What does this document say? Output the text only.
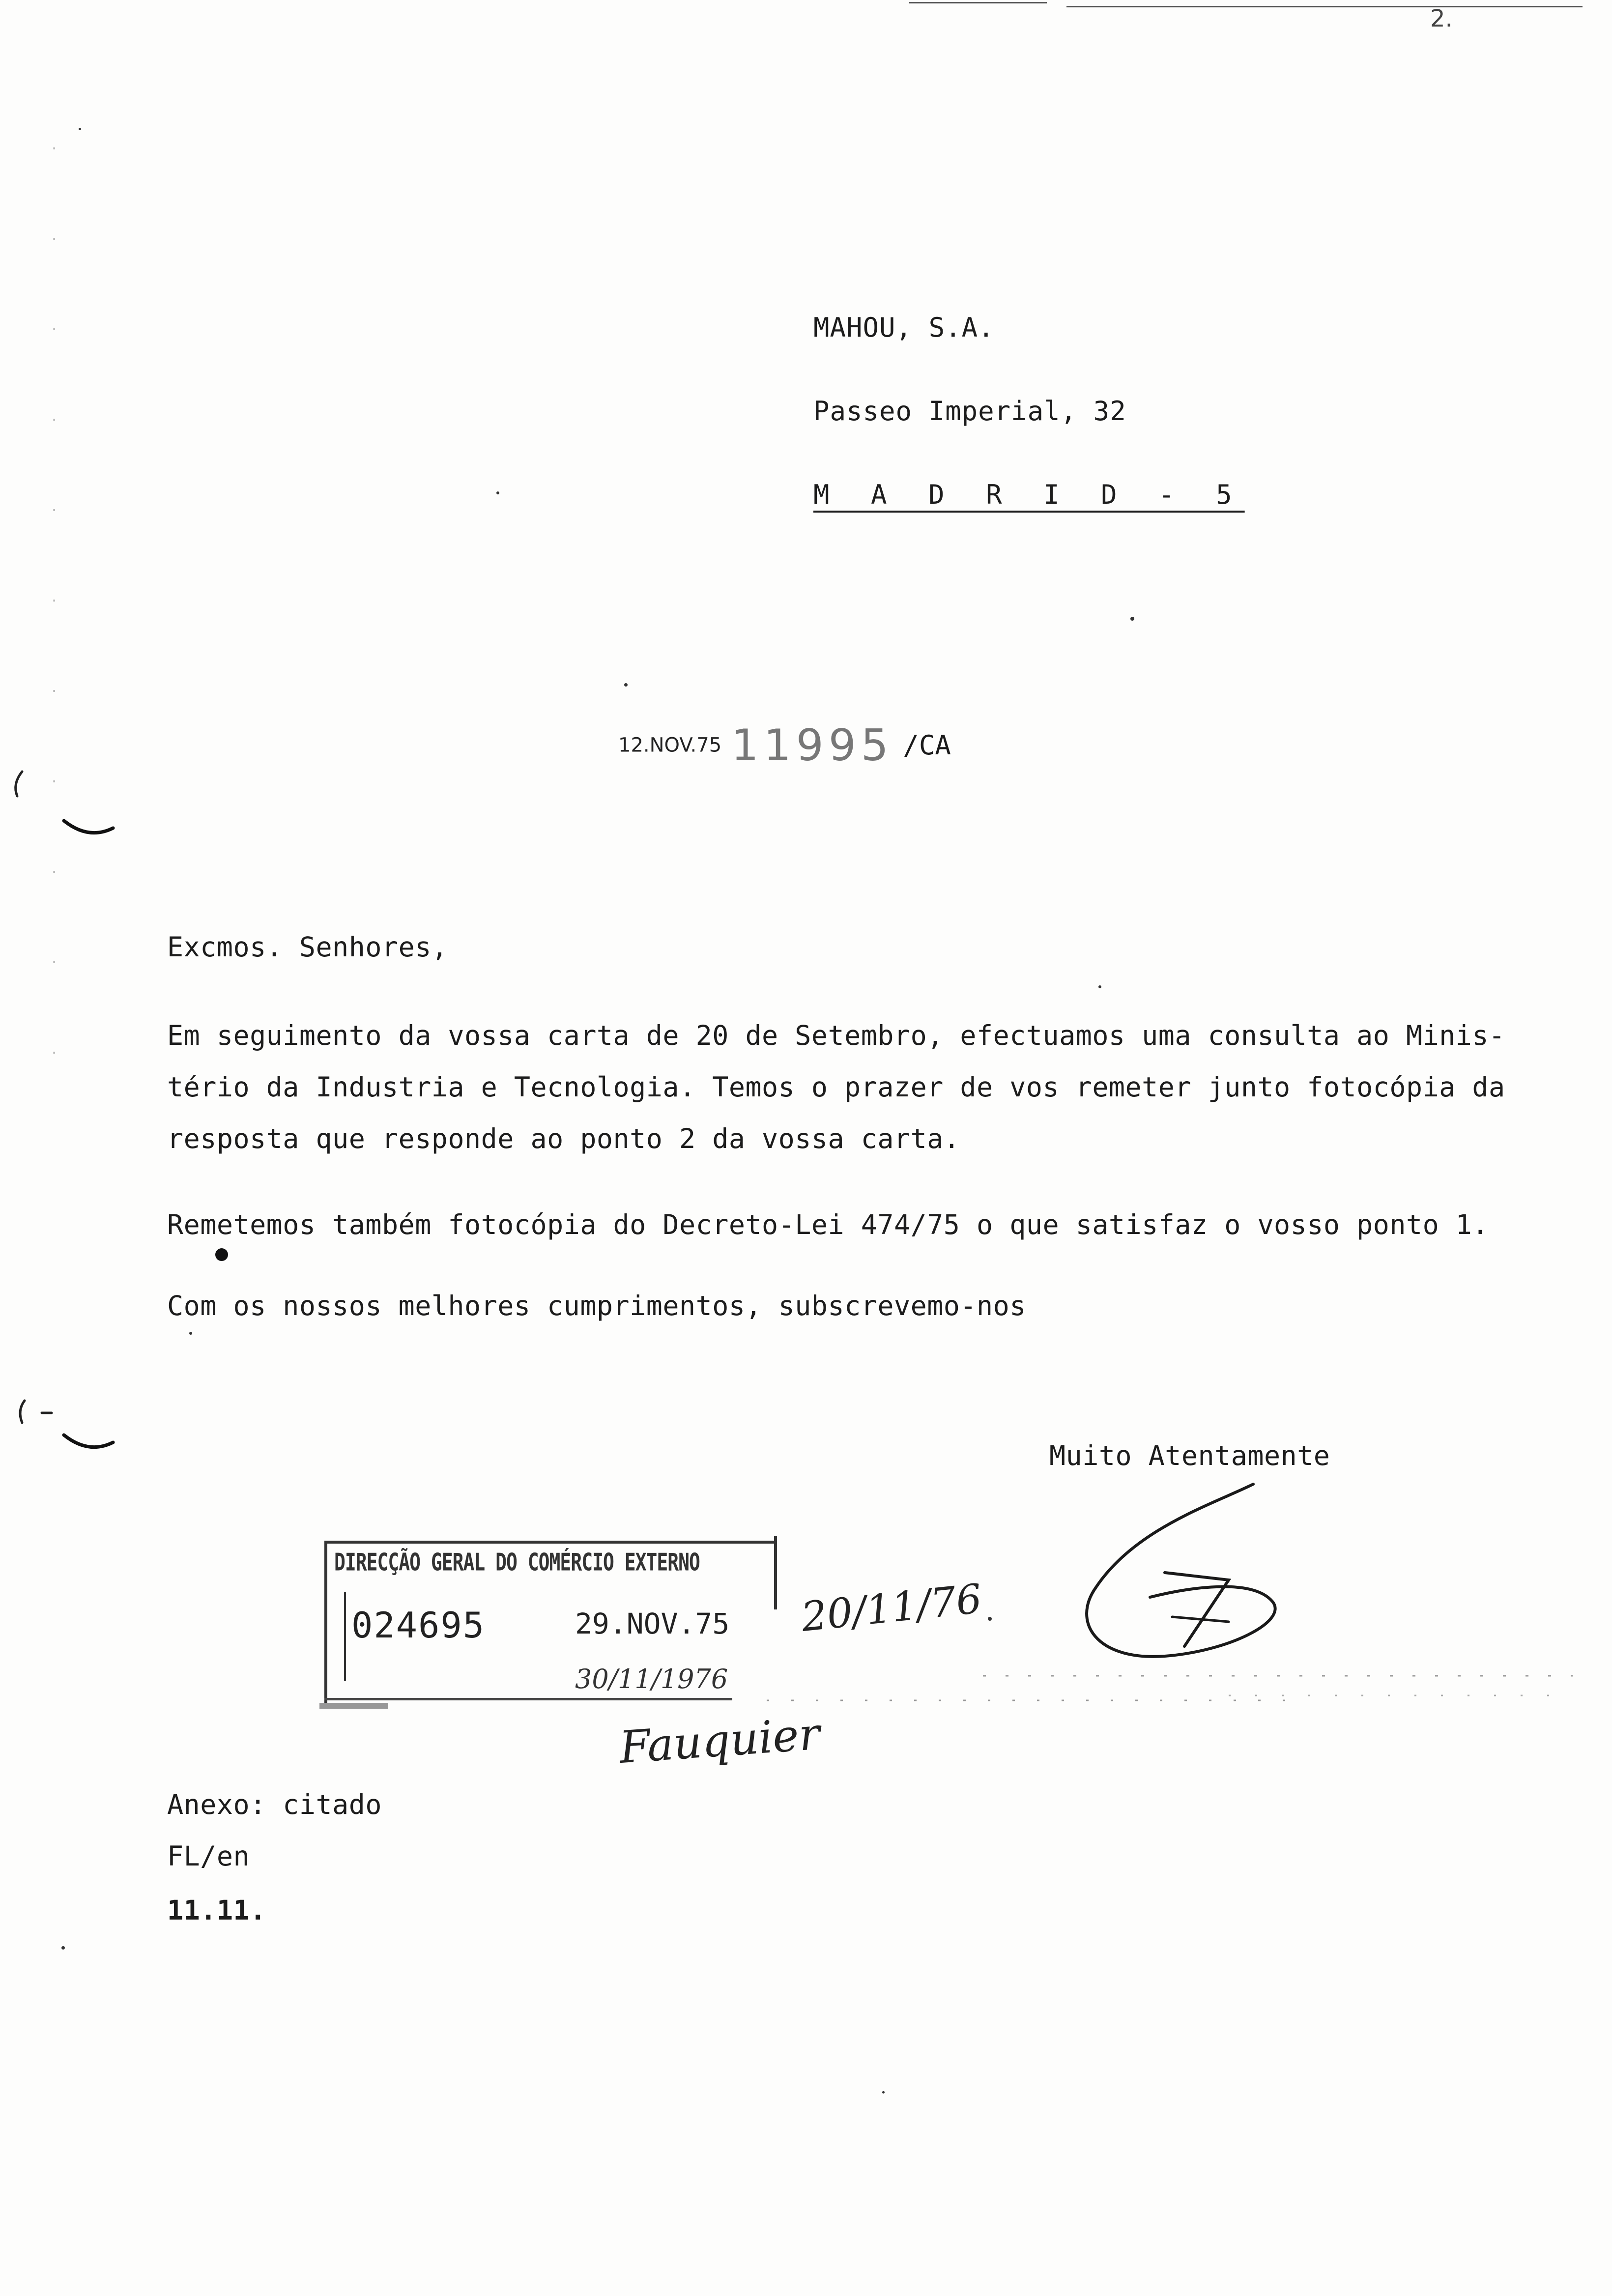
2.
MAHOU, S.A.
Passeo Imperial, 32
M A D R I D - 5
12.NOV.75 11995 /CA
Excmos. Senhores,
Em seguimento da vossa carta de 20 de Setembro, efectuamos uma consulta ao Minis-
tério da Industria e Tecnologia. Temos o prazer de vos remeter junto fotocópia da
resposta que responde ao ponto 2 da vossa carta.
Remetemos também fotocópia do Decreto-Lei 474/75 o que satisfaz o vosso ponto 1.
Com os nossos melhores cumprimentos, subscrevemo-nos
Muito Atentamente
DIRECÇÃO GERAL DO COMÉRCIO EXTERNO
024695	29.NOV.75
30/11/1976
20/11/76
Fauquier
Anexo: citado
FL/en
11.11.
